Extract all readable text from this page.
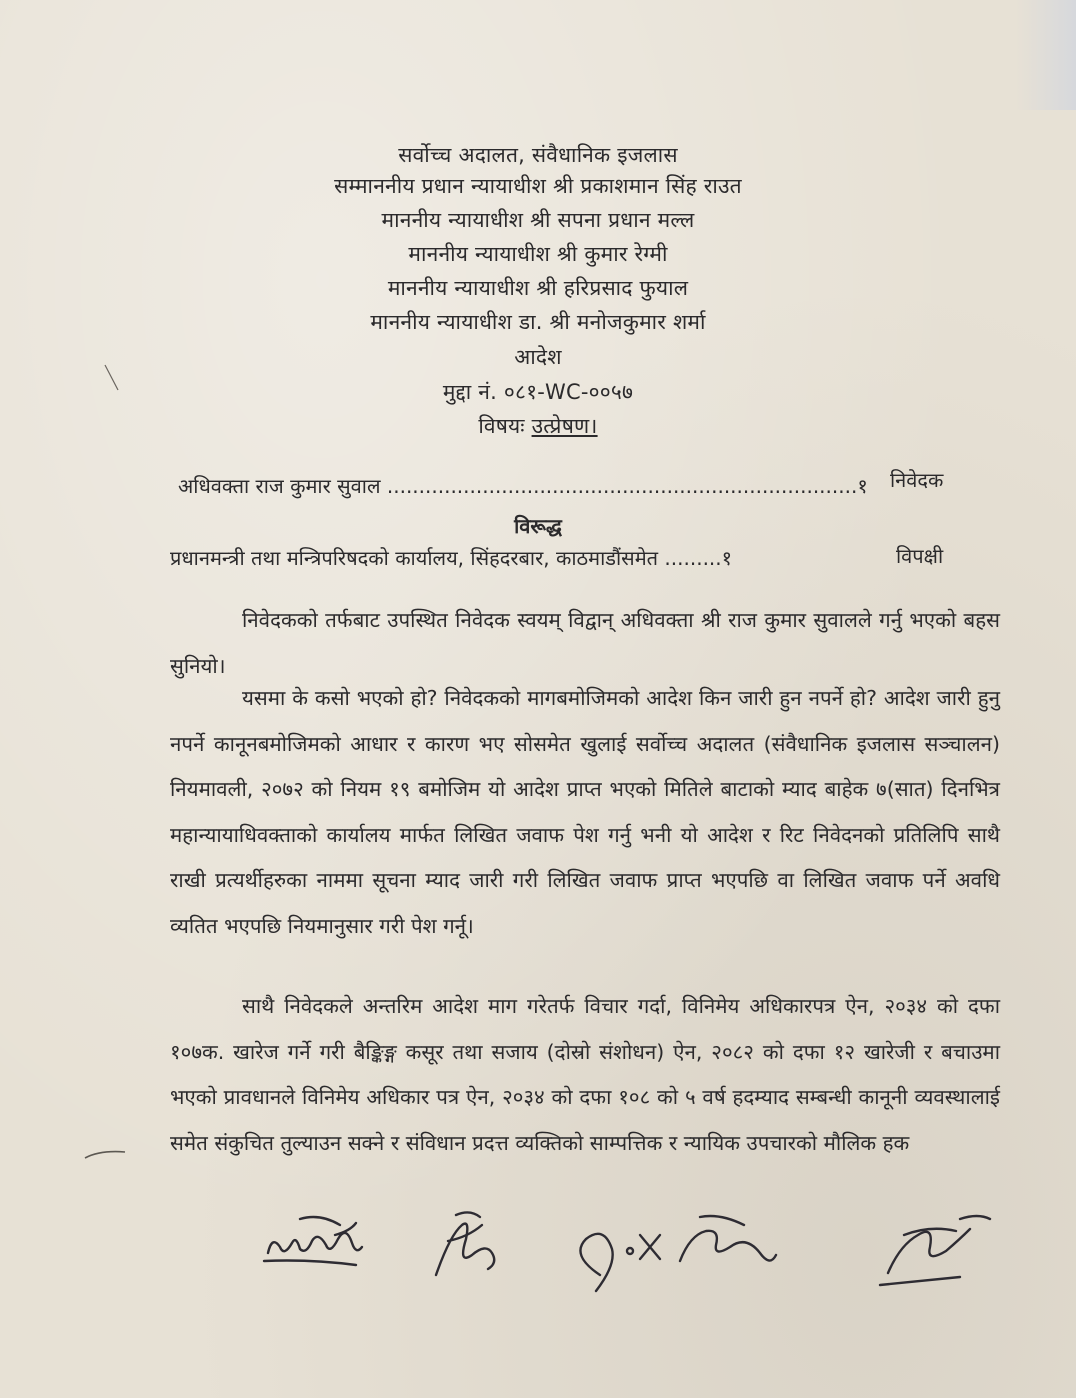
सर्वोच्च अदालत, संवैधानिक इजलास
सम्माननीय प्रधान न्यायाधीश श्री प्रकाशमान सिंह राउत
माननीय न्यायाधीश श्री सपना प्रधान मल्ल
माननीय न्यायाधीश श्री कुमार रेग्मी
माननीय न्यायाधीश श्री हरिप्रसाद फुयाल
माननीय न्यायाधीश डा. श्री मनोजकुमार शर्मा
आदेश
मुद्दा नं. ०८१-WC-००५७
विषयः उत्प्रेषण।
अधिवक्ता राज कुमार सुवाल ..........................................................................१ निवेदक
विरूद्ध
प्रधानमन्त्री तथा मन्त्रिपरिषदको कार्यालय, सिंहदरबार, काठमाडौंसमेत .........१	विपक्षी
निवेदकको तर्फबाट उपस्थित निवेदक स्वयम् विद्वान् अधिवक्ता श्री राज कुमार सुवालले गर्नु भएको बहस सुनियो।
यसमा के कसो भएको हो? निवेदकको मागबमोजिमको आदेश किन जारी हुन नपर्ने हो? आदेश जारी हुनु नपर्ने कानूनबमोजिमको आधार र कारण भए सोसमेत खुलाई सर्वोच्च अदालत (संवैधानिक इजलास सञ्चालन) नियमावली, २०७२ को नियम १९ बमोजिम यो आदेश प्राप्त भएको मितिले बाटाको म्याद बाहेक ७(सात) दिनभित्र महान्यायाधिवक्ताको कार्यालय मार्फत लिखित जवाफ पेश गर्नु भनी यो आदेश र रिट निवेदनको प्रतिलिपि साथै राखी प्रत्यर्थीहरुका नाममा सूचना म्याद जारी गरी लिखित जवाफ प्राप्त भएपछि वा लिखित जवाफ पर्ने अवधि व्यतित भएपछि नियमानुसार गरी पेश गर्नू।
साथै निवेदकले अन्तरिम आदेश माग गरेतर्फ विचार गर्दा, विनिमेय अधिकारपत्र ऐन, २०३४ को दफा १०७क. खारेज गर्ने गरी बैङ्किङ्ग कसूर तथा सजाय (दोस्रो संशोधन) ऐन, २०८२ को दफा १२ खारेजी र बचाउमा भएको प्रावधानले विनिमेय अधिकार पत्र ऐन, २०३४ को दफा १०८ को ५ वर्ष हदम्याद सम्बन्धी कानूनी व्यवस्थालाई समेत संकुचित तुल्याउन सक्ने र संविधान प्रदत्त व्यक्तिको साम्पत्तिक र न्यायिक उपचारको मौलिक हक
